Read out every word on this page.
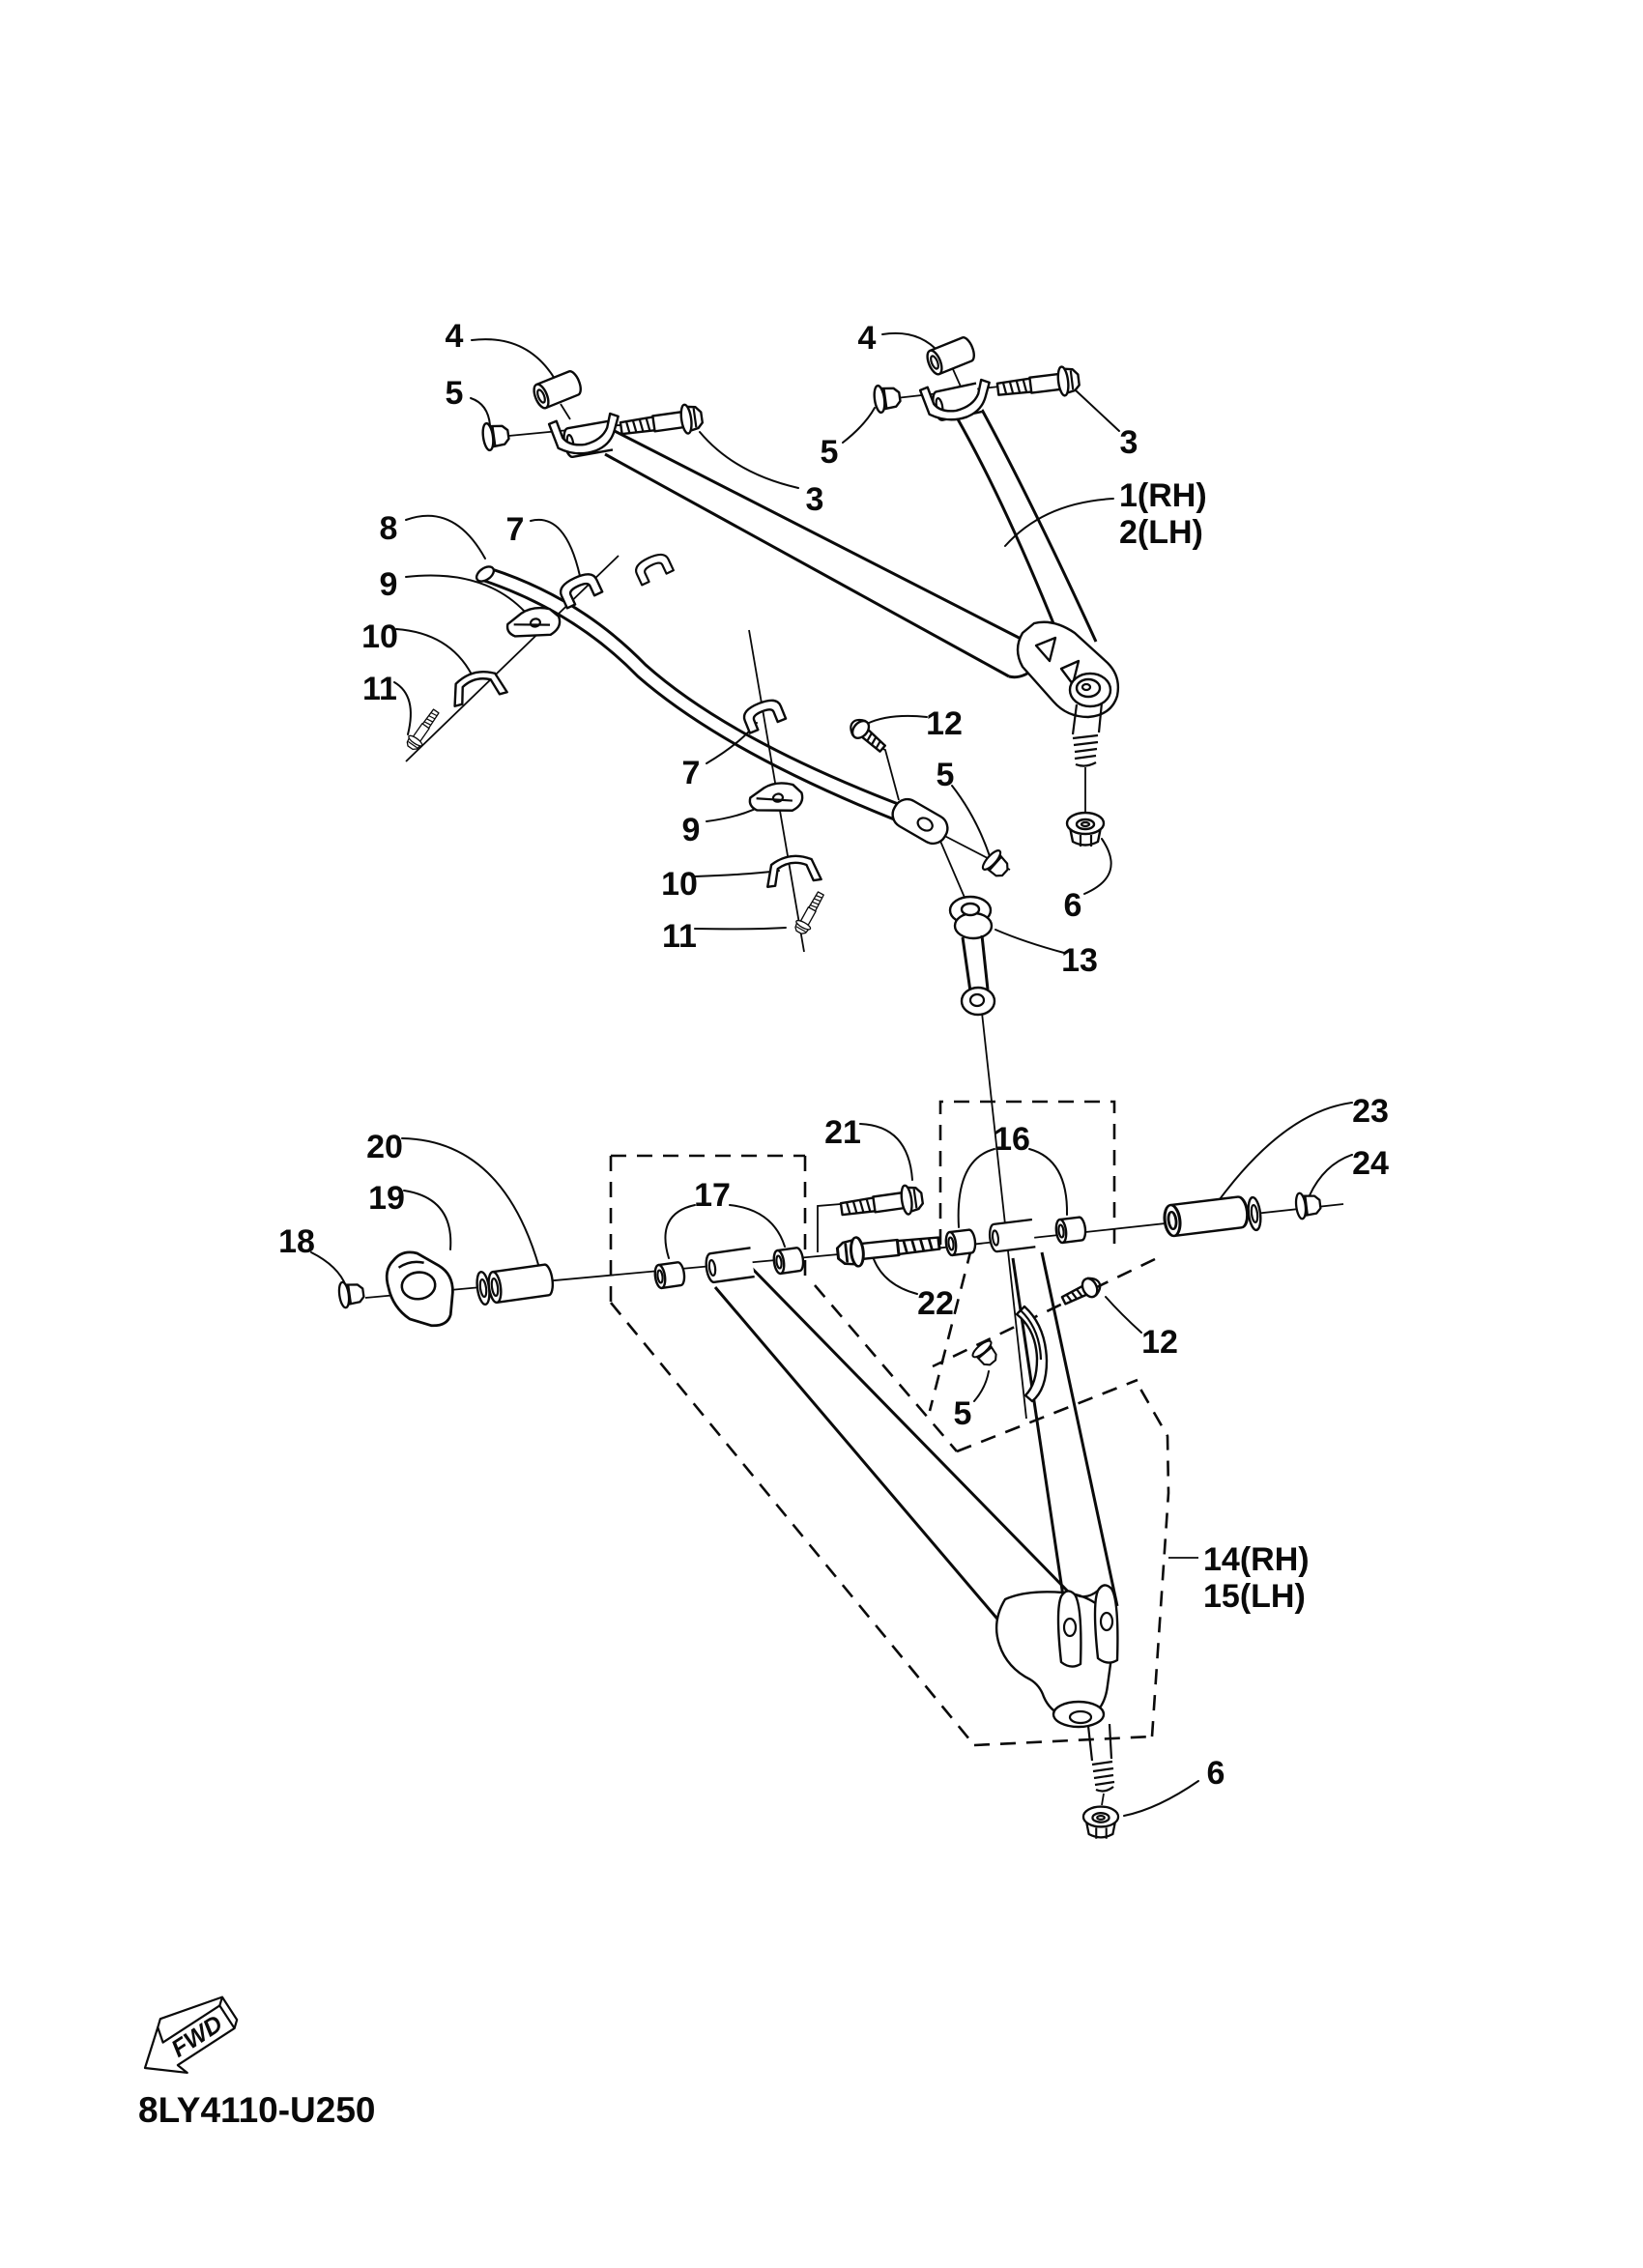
FWD
4
5
3
4
5	3
1(RH)
2(LH)
8	7
9
10
11
7
12
9
5
10
6
11
13
20
19
18
17
21	16
23
24
22
5
12
14(RH)
15(LH)
6
8LY4110-U250
